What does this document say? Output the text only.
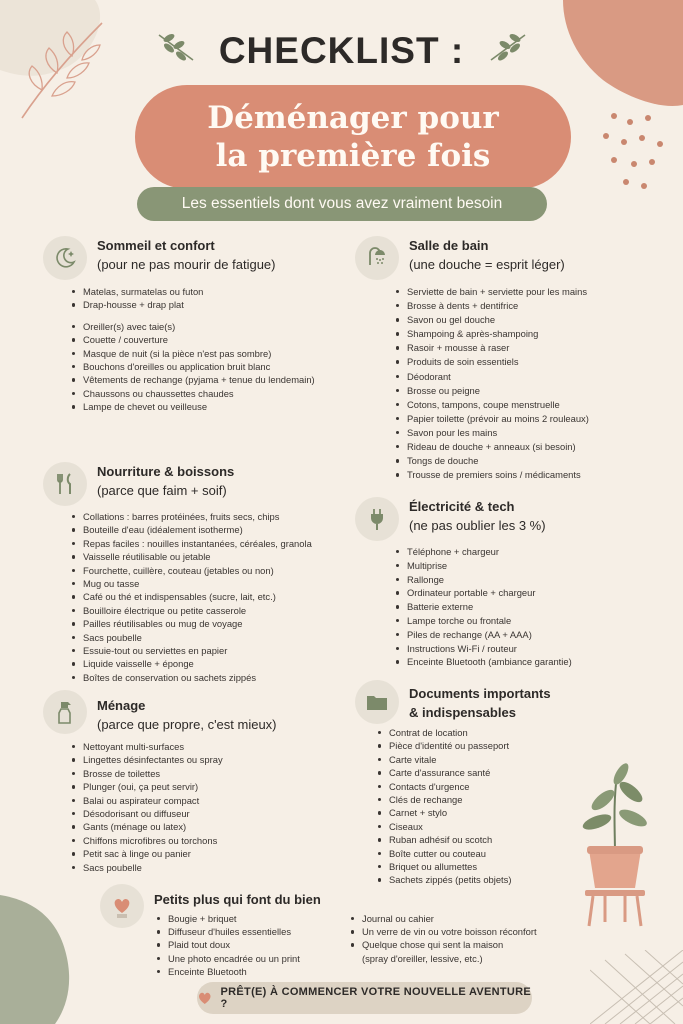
CHECKLIST :
Déménager pour
la première fois
Les essentiels dont vous avez vraiment besoin
Sommeil et confort
(pour ne pas mourir de fatigue)
Matelas, surmatelas ou futon
Drap-housse + drap plat
Oreiller(s) avec taie(s)
Couette / couverture
Masque de nuit (si la pièce n'est pas sombre)
Bouchons d'oreilles ou application bruit blanc
Vêtements de rechange (pyjama + tenue du lendemain)
Chaussons ou chaussettes chaudes
Lampe de chevet ou veilleuse
Salle de bain
(une douche = esprit léger)
Serviette de bain + serviette pour les mains
Brosse à dents + dentifrice
Savon ou gel douche
Shampoing & après-shampoing
Rasoir + mousse à raser
Produits de soin essentiels
Déodorant
Brosse ou peigne
Cotons, tampons, coupe menstruelle
Papier toilette (prévoir au moins 2 rouleaux)
Savon pour les mains
Rideau de douche + anneaux (si besoin)
Tongs de douche
Trousse de premiers soins / médicaments
Nourriture & boissons
(parce que faim + soif)
Collations : barres protéinées, fruits secs, chips
Bouteille d'eau (idéalement isotherme)
Repas faciles : nouilles instantanées, céréales, granola
Vaisselle réutilisable ou jetable
Fourchette, cuillère, couteau (jetables ou non)
Mug ou tasse
Café ou thé et indispensables (sucre, lait, etc.)
Bouilloire électrique ou petite casserole
Pailles réutilisables ou mug de voyage
Sacs poubelle
Essuie-tout ou serviettes en papier
Liquide vaisselle + éponge
Boîtes de conservation ou sachets zippés
Électricité & tech
(ne pas oublier les 3 %)
Téléphone + chargeur
Multiprise
Rallonge
Ordinateur portable + chargeur
Batterie externe
Lampe torche ou frontale
Piles de rechange (AA + AAA)
Instructions Wi-Fi / routeur
Enceinte Bluetooth (ambiance garantie)
Ménage
(parce que propre, c'est mieux)
Nettoyant multi-surfaces
Lingettes désinfectantes ou spray
Brosse de toilettes
Plunger (oui, ça peut servir)
Balai ou aspirateur compact
Désodorisant ou diffuseur
Gants (ménage ou latex)
Chiffons microfibres ou torchons
Petit sac à linge ou panier
Sacs poubelle
Documents importants
& indispensables
Contrat de location
Pièce d'identité ou passeport
Carte vitale
Carte d'assurance santé
Contacts d'urgence
Clés de rechange
Carnet + stylo
Ciseaux
Ruban adhésif ou scotch
Boîte cutter ou couteau
Briquet ou allumettes
Sachets zippés (petits objets)
Petits plus qui font du bien
Bougie + briquet
Diffuseur d'huiles essentielles
Plaid tout doux
Une photo encadrée ou un print
Enceinte Bluetooth
Journal ou cahier
Un verre de vin ou votre boisson réconfort
Quelque chose qui sent la maison
(spray d'oreiller, lessive, etc.)
PRÊT(E) À COMMENCER VOTRE NOUVELLE AVENTURE ?
